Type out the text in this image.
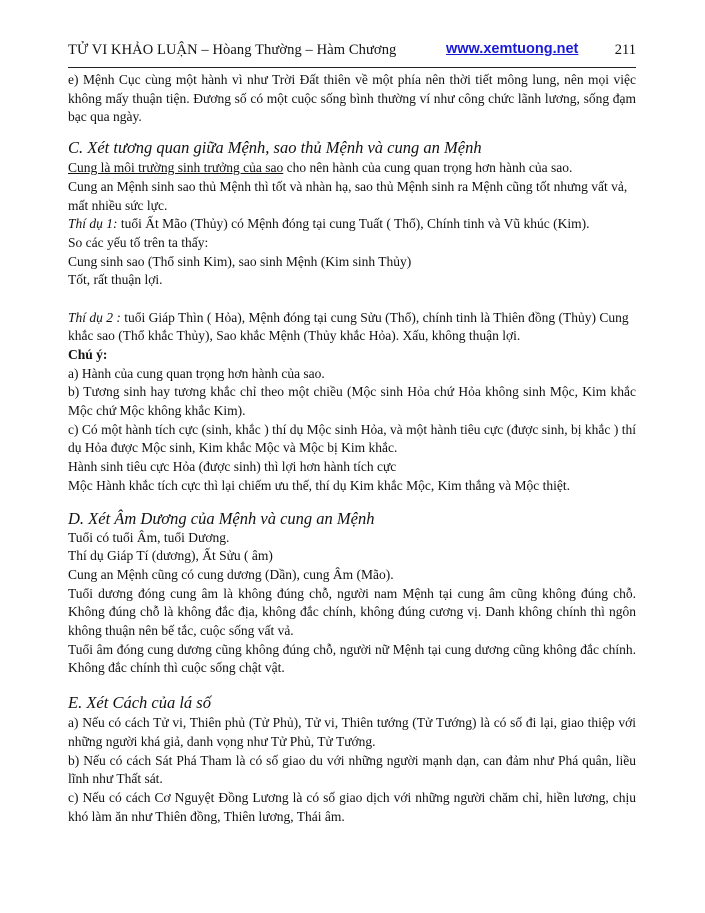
TỬ VI KHẢO LUẬN – Hòang Thường – Hàm Chương	www.xemtuong.net	211

e) Mệnh Cục cùng một hành vì như Trời Đất thiên về một phía nên thời tiết mông lung, nên mọi việc không mấy thuận tiện. Đương số có một cuộc sống bình thường ví như công chức lãnh lương, sống đạm bạc qua ngày.

C. Xét tương quan giữa Mệnh, sao thủ Mệnh và cung an Mệnh

Cung là môi trường sinh trưởng của sao cho nên hành của cung quan trọng hơn hành của sao.

Cung an Mệnh sinh sao thủ Mệnh thì tốt và nhàn hạ, sao thủ Mệnh sinh ra Mệnh cũng tốt nhưng vất vả, mất nhiều sức lực.

Thí dụ 1: tuổi Ất Mão (Thủy) có Mệnh đóng tại cung Tuất ( Thổ), Chính tinh và Vũ khúc (Kim).

So các yếu tố trên ta thấy:

Cung sinh sao (Thổ sinh Kim), sao sinh Mệnh (Kim sinh Thủy)

Tốt, rất thuận lợi.

Thí dụ 2 : tuổi Giáp Thìn ( Hỏa), Mệnh đóng tại cung Sửu (Thổ), chính tinh là Thiên đồng (Thủy) Cung khắc sao (Thổ khắc Thủy), Sao khắc Mệnh (Thủy khắc Hỏa). Xấu, không thuận lợi.

Chú ý:

a) Hành của cung quan trọng hơn hành của sao.

b) Tương sinh hay tương khắc chỉ theo một chiều (Mộc sinh Hỏa chứ Hỏa không sinh Mộc, Kim khắc Mộc chứ Mộc không khắc Kim).

c) Có một hành tích cực (sinh, khắc ) thí dụ Mộc sinh Hỏa, và một hành tiêu cực (được sinh, bị khắc ) thí dụ Hỏa được Mộc sinh, Kim khắc Mộc và Mộc bị Kim khắc.

Hành sinh tiêu cực Hỏa (được sinh) thì lợi hơn hành tích cực

Mộc Hành khắc tích cực thì lại chiếm ưu thế, thí dụ Kim khắc Mộc, Kim thắng và Mộc thiệt.

D. Xét Âm Dương của Mệnh và cung an Mệnh

Tuổi có tuổi Âm, tuổi Dương.

Thí dụ Giáp Tí (dương), Ất Sửu ( âm)

Cung an Mệnh cũng có cung dương (Dần), cung Âm (Mão).

Tuổi dương đóng cung âm là không đúng chỗ, người nam Mệnh tại cung âm cũng không đúng chỗ. Không đúng chỗ là không đắc địa, không đắc chính, không đúng cương vị. Danh không chính thì ngôn không thuận nên bế tắc, cuộc sống vất vả.

Tuổi âm đóng cung dương cũng không đúng chỗ, người nữ Mệnh tại cung dương cũng không đắc chính. Không đắc chính thì cuộc sống chật vật.

E. Xét Cách của lá số

a) Nếu có cách Tử vi, Thiên phủ (Tử Phủ), Tử vi, Thiên tướng (Tử Tướng) là có số đi lại, giao thiệp với những người khá giả, danh vọng như Tử Phủ, Tử Tướng.

b) Nếu có cách Sát Phá Tham là có số giao du với những người mạnh dạn, can đảm như Phá quân, liều lĩnh như Thất sát.

c) Nếu có cách Cơ Nguyệt Đồng Lương là có số giao dịch với những người chăm chỉ, hiền lương, chịu khó làm ăn như Thiên đồng, Thiên lương, Thái âm.
